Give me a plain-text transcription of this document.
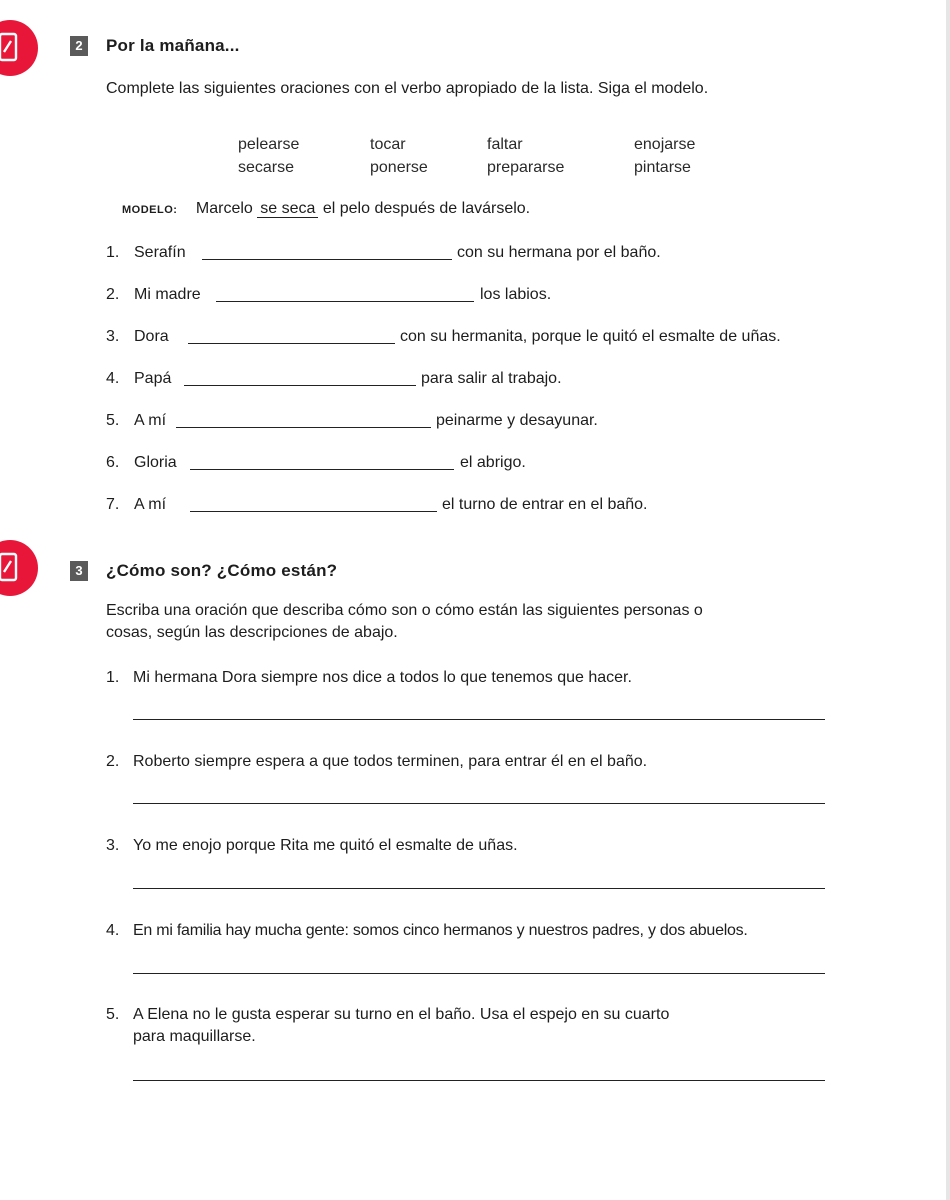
2	Por la mañana...
Complete las siguientes oraciones con el verbo apropiado de la lista. Siga el modelo.
pelearse	tocar	faltar	enojarse
secarse	ponerse	prepararse	pintarse
MODELO: Marcelo se seca el pelo después de lavárselo.
1. Serafín	con su hermana por el baño.
2. Mi madre	los labios.
3. Dora	con su hermanita, porque le quitó el esmalte de uñas.
4. Papá	para salir al trabajo.
5. A mí	peinarme y desayunar.
6. Gloria	el abrigo.
7. A mí	el turno de entrar en el baño.
3	¿Cómo son? ¿Cómo están?
Escriba una oración que describa cómo son o cómo están las siguientes personas o
cosas, según las descripciones de abajo.
1. Mi hermana Dora siempre nos dice a todos lo que tenemos que hacer.
2. Roberto siempre espera a que todos terminen, para entrar él en el baño.
3. Yo me enojo porque Rita me quitó el esmalte de uñas.
4. En mi familia hay mucha gente: somos cinco hermanos y nuestros padres, y dos abuelos.
5. A Elena no le gusta esperar su turno en el baño. Usa el espejo en su cuarto
para maquillarse.
